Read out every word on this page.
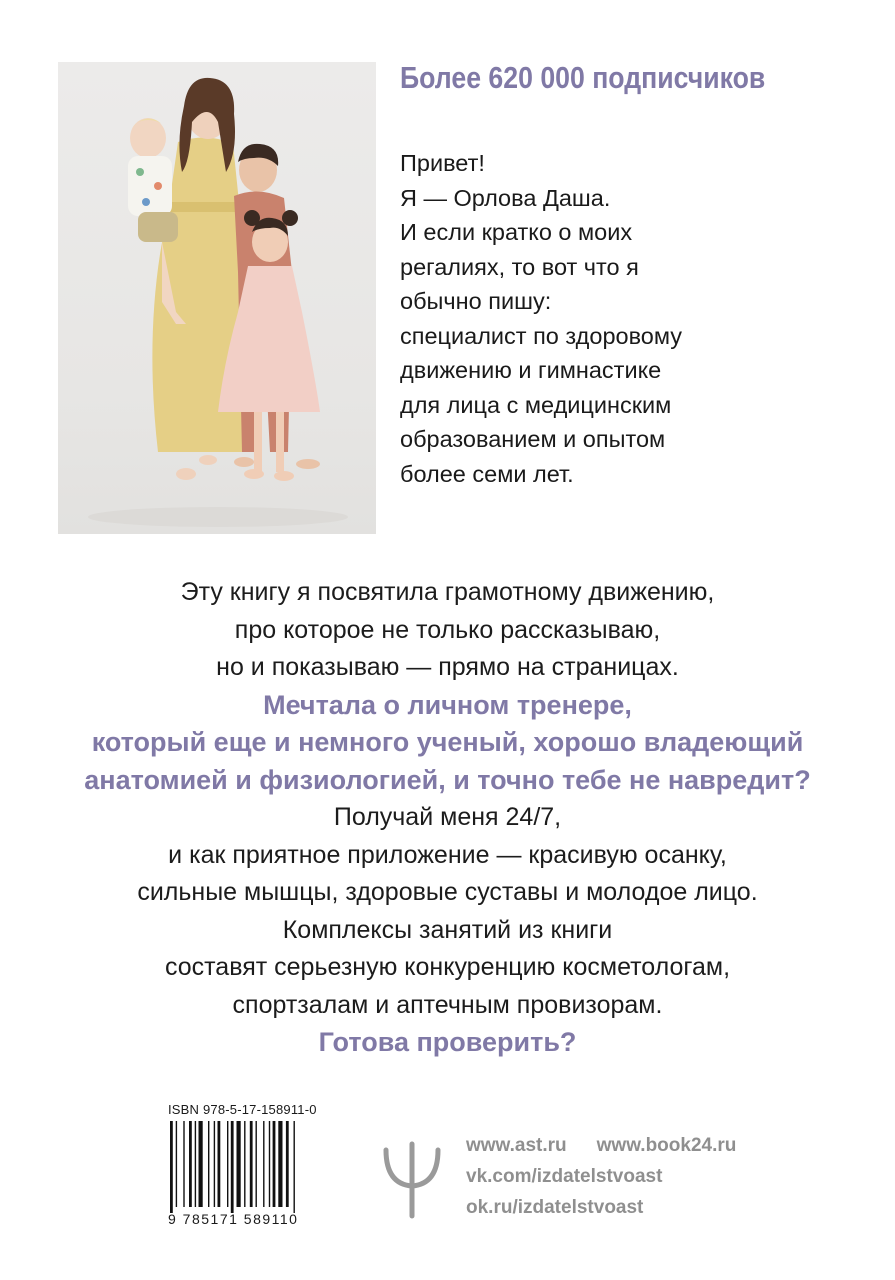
Более 620 000 подписчиков
Привет!
Я — Орлова Даша.
И если кратко о моих
регалиях, то вот что я
обычно пишу:
специалист по здоровому
движению и гимнастике
для лица с медицинским
образованием и опытом
более семи лет.
Эту книгу я посвятила грамотному движению,
про которое не только рассказываю,
но и показываю — прямо на страницах.
Мечтала о личном тренере,
который еще и немного ученый, хорошо владеющий
анатомией и физиологией, и точно тебе не навредит?
Получай меня 24/7,
и как приятное приложение — красивую осанку,
сильные мышцы, здоровые суставы и молодое лицо.
Комплексы занятий из книги
составят серьезную конкуренцию косметологам,
спортзалам и аптечным провизорам.
Готова проверить?
ISBN 978-5-17-158911-0
9 785171 589110
www.ast.ru www.book24.ru
vk.com/izdatelstvoast
ok.ru/izdatelstvoast
